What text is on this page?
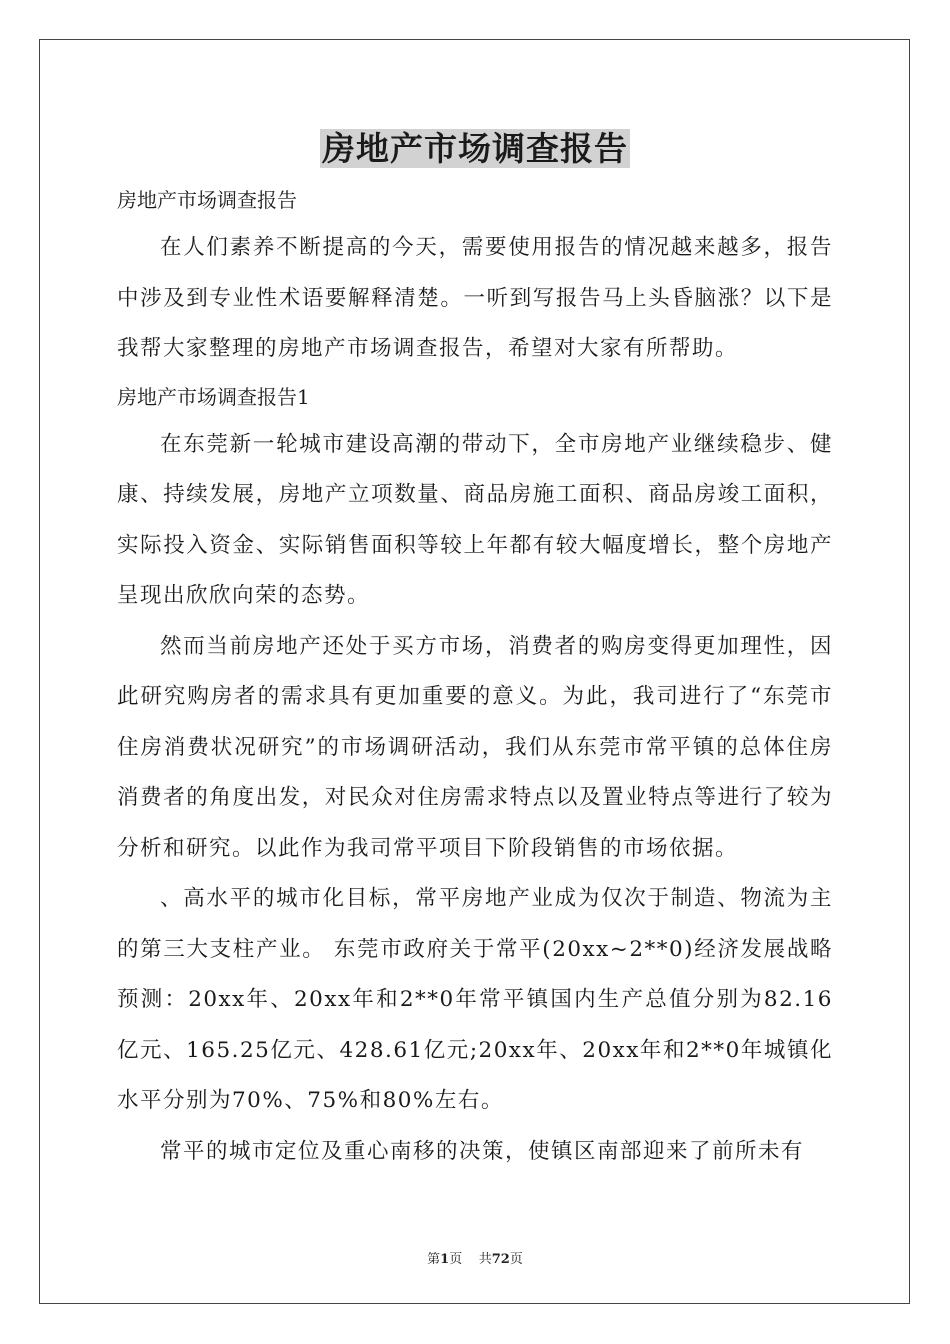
房地产市场调查报告

房地产市场调查报告

在人们素养不断提高的今天，需要使用报告的情况越来越多，报告中涉及到专业性术语要解释清楚。一听到写报告马上头昏脑涨？以下是我帮大家整理的房地产市场调查报告，希望对大家有所帮助。

房地产市场调查报告1

在东莞新一轮城市建设高潮的带动下，全市房地产业继续稳步、健康、持续发展，房地产立项数量、商品房施工面积、商品房竣工面积，实际投入资金、实际销售面积等较上年都有较大幅度增长，整个房地产呈现出欣欣向荣的态势。

然而当前房地产还处于买方市场，消费者的购房变得更加理性，因此研究购房者的需求具有更加重要的意义。为此，我司进行了“东莞市住房消费状况研究”的市场调研活动，我们从东莞市常平镇的总体住房消费者的角度出发，对民众对住房需求特点以及置业特点等进行了较为分析和研究。以此作为我司常平项目下阶段销售的市场依据。

、高水平的城市化目标，常平房地产业成为仅次于制造、物流为主的第三大支柱产业。 东莞市政府关于常平(20xx~2**0)经济发展战略预测：20xx年、20xx年和2**0年常平镇国内生产总值分别为82.16亿元、165.25亿元、428.61亿元;20xx年、20xx年和2**0年城镇化水平分别为70%、75%和80%左右。

常平的城市定位及重心南移的决策，使镇区南部迎来了前所未有

第1页    共72页
